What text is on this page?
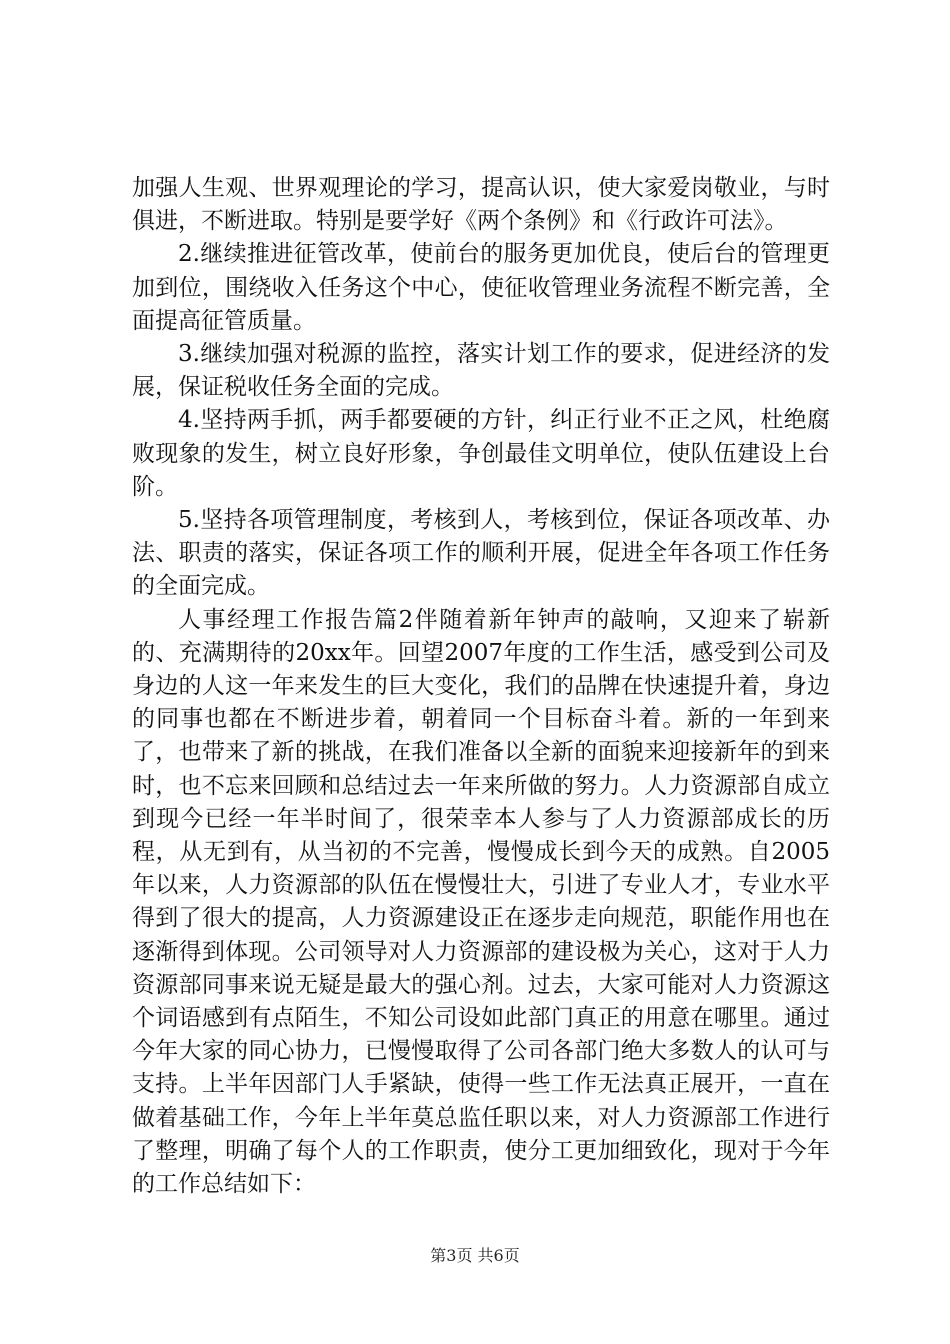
加强人生观、世界观理论的学习，提高认识，使大家爱岗敬业，与时俱进，不断进取。特别是要学好《两个条例》和《行政许可法》。

2.继续推进征管改革，使前台的服务更加优良，使后台的管理更加到位，围绕收入任务这个中心，使征收管理业务流程不断完善，全面提高征管质量。

3.继续加强对税源的监控，落实计划工作的要求，促进经济的发展，保证税收任务全面的完成。

4.坚持两手抓，两手都要硬的方针，纠正行业不正之风，杜绝腐败现象的发生，树立良好形象，争创最佳文明单位，使队伍建设上台阶。

5.坚持各项管理制度，考核到人，考核到位，保证各项改革、办法、职责的落实，保证各项工作的顺利开展，促进全年各项工作任务的全面完成。

人事经理工作报告篇2伴随着新年钟声的敲响，又迎来了崭新的、充满期待的20xx年。回望2007年度的工作生活，感受到公司及身边的人这一年来发生的巨大变化，我们的品牌在快速提升着，身边的同事也都在不断进步着，朝着同一个目标奋斗着。新的一年到来了，也带来了新的挑战，在我们准备以全新的面貌来迎接新年的到来时，也不忘来回顾和总结过去一年来所做的努力。人力资源部自成立到现今已经一年半时间了，很荣幸本人参与了人力资源部成长的历程，从无到有，从当初的不完善，慢慢成长到今天的成熟。自2005年以来，人力资源部的队伍在慢慢壮大，引进了专业人才，专业水平得到了很大的提高，人力资源建设正在逐步走向规范，职能作用也在逐渐得到体现。公司领导对人力资源部的建设极为关心，这对于人力资源部同事来说无疑是最大的强心剂。过去，大家可能对人力资源这个词语感到有点陌生，不知公司设如此部门真正的用意在哪里。通过今年大家的同心协力，已慢慢取得了公司各部门绝大多数人的认可与支持。上半年因部门人手紧缺，使得一些工作无法真正展开，一直在做着基础工作，今年上半年莫总监任职以来，对人力资源部工作进行了整理，明确了每个人的工作职责，使分工更加细致化，现对于今年的工作总结如下：

第3页 共6页
